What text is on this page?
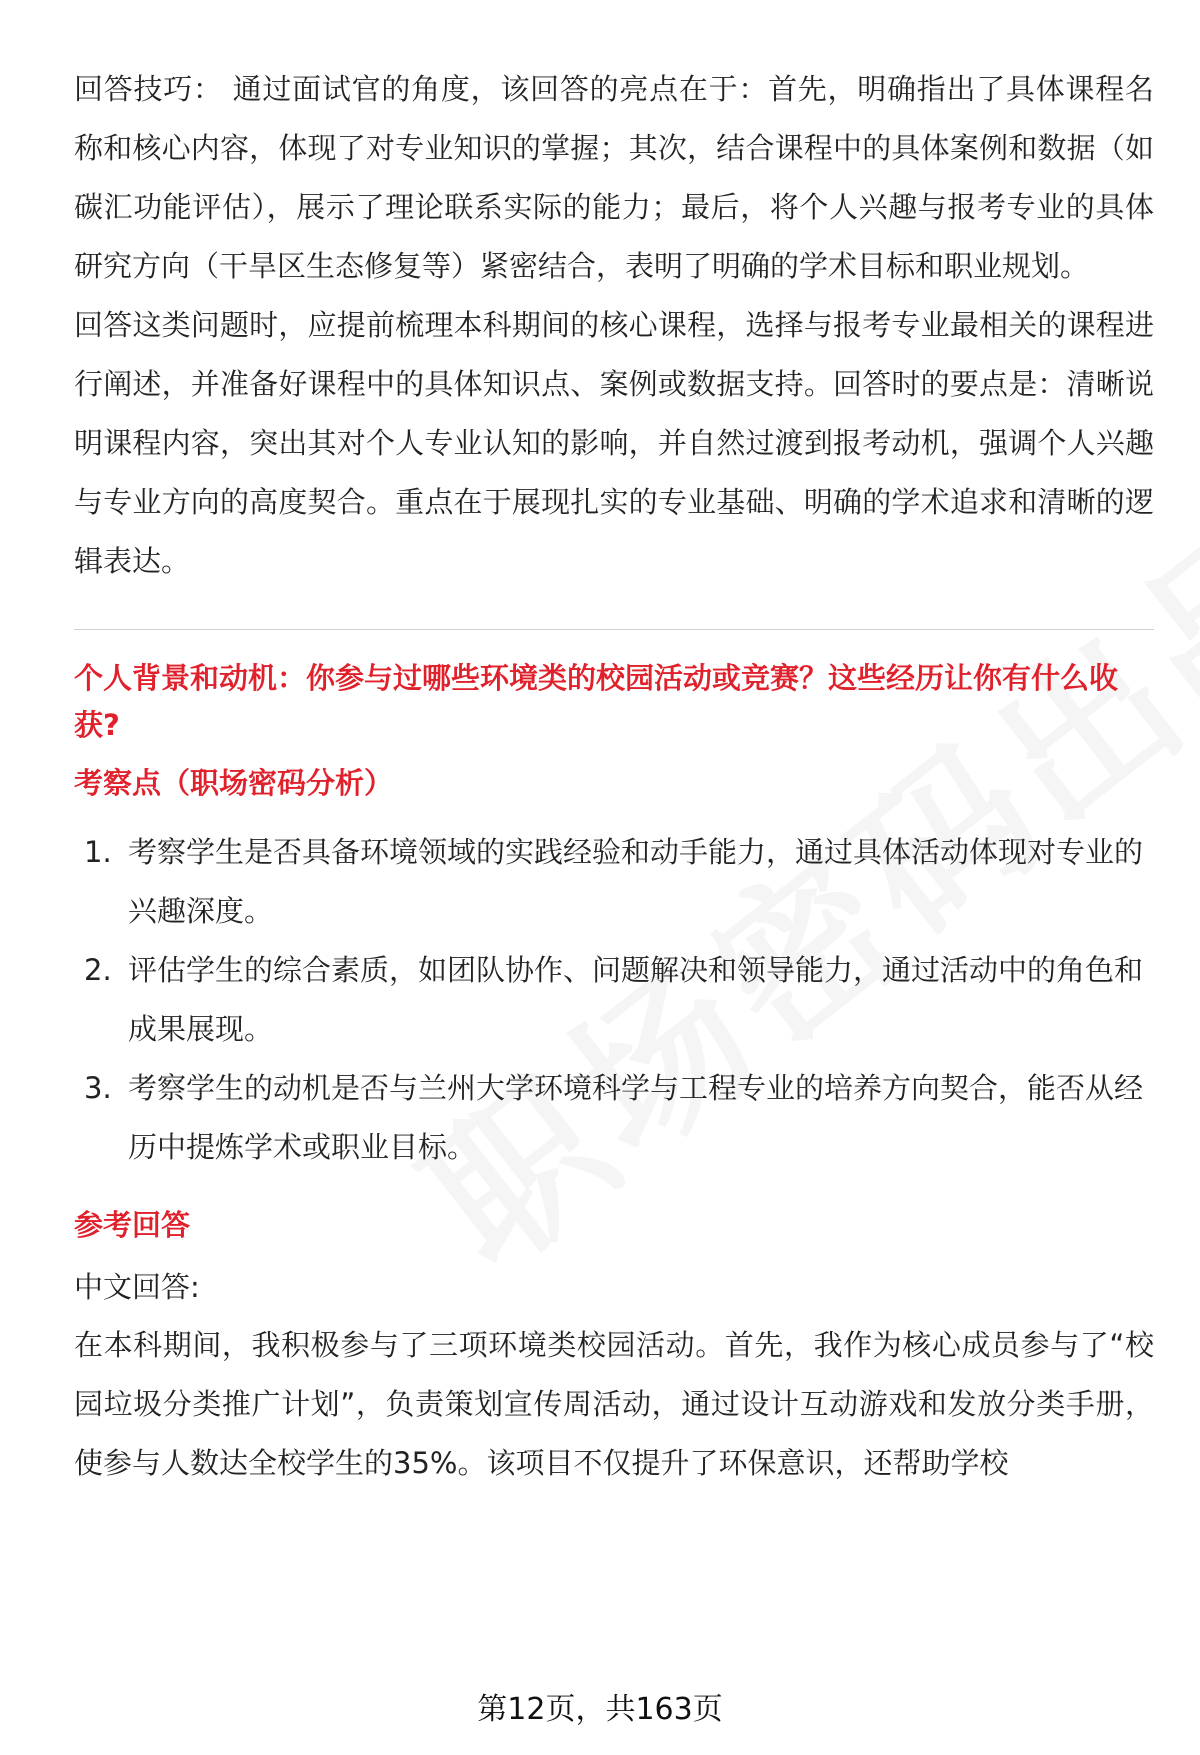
回答技巧： 通过面试官的角度，该回答的亮点在于：首先，明确指出了具体课程名称和核心内容，体现了对专业知识的掌握；其次，结合课程中的具体案例和数据（如碳汇功能评估），展示了理论联系实际的能力；最后，将个人兴趣与报考专业的具体研究方向（干旱区生态修复等）紧密结合，表明了明确的学术目标和职业规划。

回答这类问题时，应提前梳理本科期间的核心课程，选择与报考专业最相关的课程进行阐述，并准备好课程中的具体知识点、案例或数据支持。回答时的要点是：清晰说明课程内容，突出其对个人专业认知的影响，并自然过渡到报考动机，强调个人兴趣与专业方向的高度契合。重点在于展现扎实的专业基础、明确的学术追求和清晰的逻辑表达。

个人背景和动机：你参与过哪些环境类的校园活动或竞赛？这些经历让你有什么收获?
考察点（职场密码分析）
1. 考察学生是否具备环境领域的实践经验和动手能力，通过具体活动体现对专业的兴趣深度。
2. 评估学生的综合素质，如团队协作、问题解决和领导能力，通过活动中的角色和成果展现。
3. 考察学生的动机是否与兰州大学环境科学与工程专业的培养方向契合，能否从经历中提炼学术或职业目标。
参考回答
中文回答:

在本科期间，我积极参与了三项环境类校园活动。首先，我作为核心成员参与了“校园垃圾分类推广计划”，负责策划宣传周活动，通过设计互动游戏和发放分类手册，使参与人数达全校学生的35%。该项目不仅提升了环保意识，还帮助学校

第12页，共163页
